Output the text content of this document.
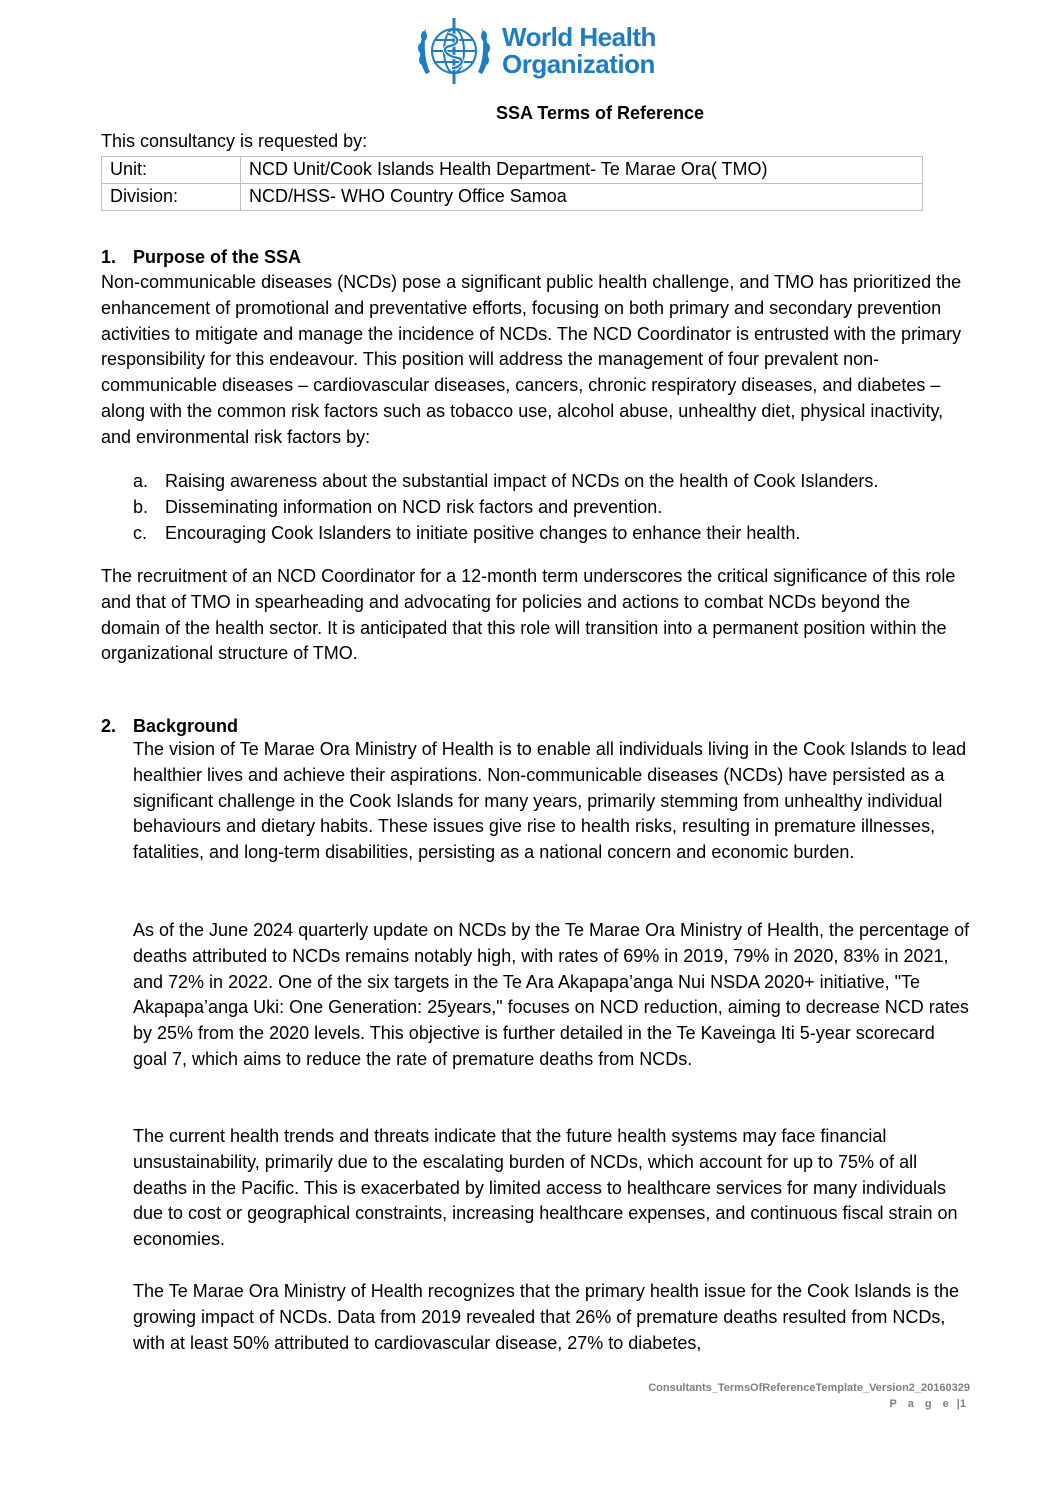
World Health
Organization
SSA Terms of Reference
This consultancy is requested by:
Unit:	NCD Unit/Cook Islands Health Department- Te Marae Ora( TMO)
Division:	NCD/HSS- WHO Country Office Samoa
1. Purpose of the SSA

Non-communicable diseases (NCDs) pose a significant public health challenge, and TMO has prioritized the enhancement of promotional and preventative efforts, focusing on both primary and secondary prevention activities to mitigate and manage the incidence of NCDs. The NCD Coordinator is entrusted with the primary responsibility for this endeavour. This position will address the management of four prevalent non-communicable diseases – cardiovascular diseases, cancers, chronic respiratory diseases, and diabetes – along with the common risk factors such as tobacco use, alcohol abuse, unhealthy diet, physical inactivity, and environmental risk factors by:

a. Raising awareness about the substantial impact of NCDs on the health of Cook Islanders.
b. Disseminating information on NCD risk factors and prevention.
c. Encouraging Cook Islanders to initiate positive changes to enhance their health.

The recruitment of an NCD Coordinator for a 12-month term underscores the critical significance of this role and that of TMO in spearheading and advocating for policies and actions to combat NCDs beyond the domain of the health sector. It is anticipated that this role will transition into a permanent position within the organizational structure of TMO.

2. Background

The vision of Te Marae Ora Ministry of Health is to enable all individuals living in the Cook Islands to lead healthier lives and achieve their aspirations. Non-communicable diseases (NCDs) have persisted as a significant challenge in the Cook Islands for many years, primarily stemming from unhealthy individual behaviours and dietary habits. These issues give rise to health risks, resulting in premature illnesses, fatalities, and long-term disabilities, persisting as a national concern and economic burden.

As of the June 2024 quarterly update on NCDs by the Te Marae Ora Ministry of Health, the percentage of deaths attributed to NCDs remains notably high, with rates of 69% in 2019, 79% in 2020, 83% in 2021, and 72% in 2022. One of the six targets in the Te Ara Akapapa’anga Nui NSDA 2020+ initiative, "Te Akapapa’anga Uki: One Generation: 25years," focuses on NCD reduction, aiming to decrease NCD rates by 25% from the 2020 levels. This objective is further detailed in the Te Kaveinga Iti 5-year scorecard goal 7, which aims to reduce the rate of premature deaths from NCDs.

The current health trends and threats indicate that the future health systems may face financial unsustainability, primarily due to the escalating burden of NCDs, which account for up to 75% of all deaths in the Pacific. This is exacerbated by limited access to healthcare services for many individuals due to cost or geographical constraints, increasing healthcare expenses, and continuous fiscal strain on economies.

The Te Marae Ora Ministry of Health recognizes that the primary health issue for the Cook Islands is the growing impact of NCDs. Data from 2019 revealed that 26% of premature deaths resulted from NCDs, with at least 50% attributed to cardiovascular disease, 27% to diabetes,

Consultants_TermsOfReferenceTemplate_Version2_20160329
P a g e |1
